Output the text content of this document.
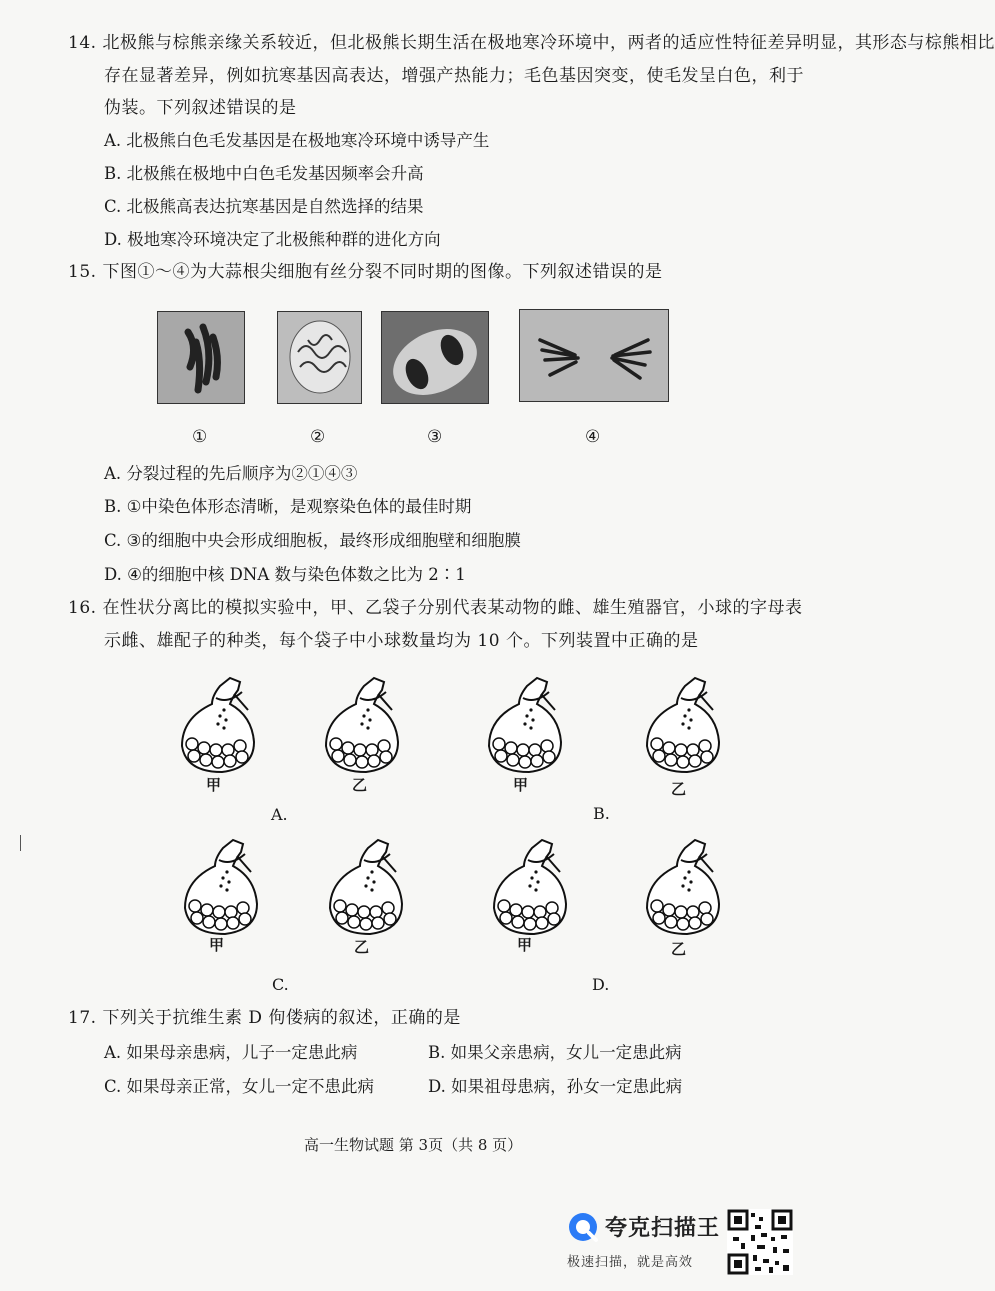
14. 北极熊与棕熊亲缘关系较近，但北极熊长期生活在极地寒冷环境中，两者的适应性特征差异明显，其形态与棕熊相比
存在显著差异，例如抗寒基因高表达，增强产热能力；毛色基因突变，使毛发呈白色，利于
伪装。下列叙述错误的是
A. 北极熊白色毛发基因是在极地寒冷环境中诱导产生
B. 北极熊在极地中白色毛发基因频率会升高
C. 北极熊高表达抗寒基因是自然选择的结果
D. 极地寒冷环境决定了北极熊种群的进化方向
15. 下图①～④为大蒜根尖细胞有丝分裂不同时期的图像。下列叙述错误的是
①	②	③	④
A. 分裂过程的先后顺序为②①④③
B. ①中染色体形态清晰，是观察染色体的最佳时期
C. ③的细胞中央会形成细胞板，最终形成细胞壁和细胞膜
D. ④的细胞中核 DNA 数与染色体数之比为 2∶1
16. 在性状分离比的模拟实验中，甲、乙袋子分别代表某动物的雌、雄生殖器官，小球的字母表
示雌、雄配子的种类，每个袋子中小球数量均为 10 个。下列装置中正确的是
甲	乙	甲	乙
A.	B.
甲	乙	甲	乙
C.	D.
17. 下列关于抗维生素 D 佝偻病的叙述，正确的是
A. 如果母亲患病，儿子一定患此病	B. 如果父亲患病，女儿一定患此病
C. 如果母亲正常，女儿一定不患此病	D. 如果祖母患病，孙女一定患此病
高一生物试题 第 3页（共 8 页）
夸克扫描王
极速扫描，就是高效
